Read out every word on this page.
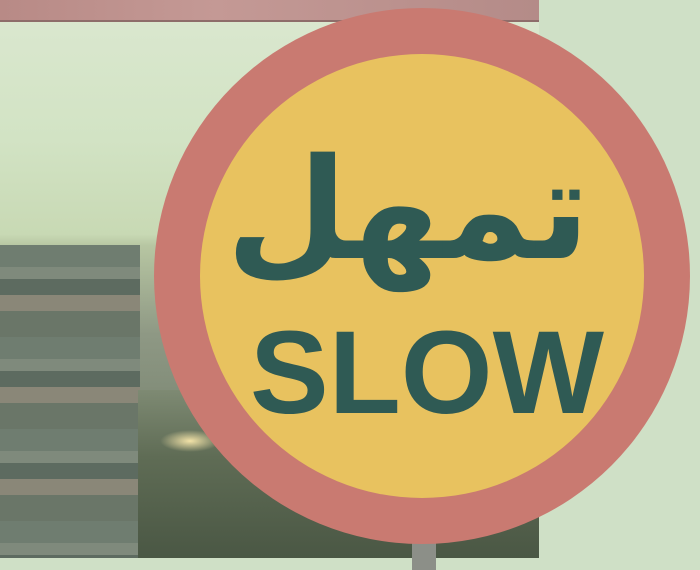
تمهل
SLOW
